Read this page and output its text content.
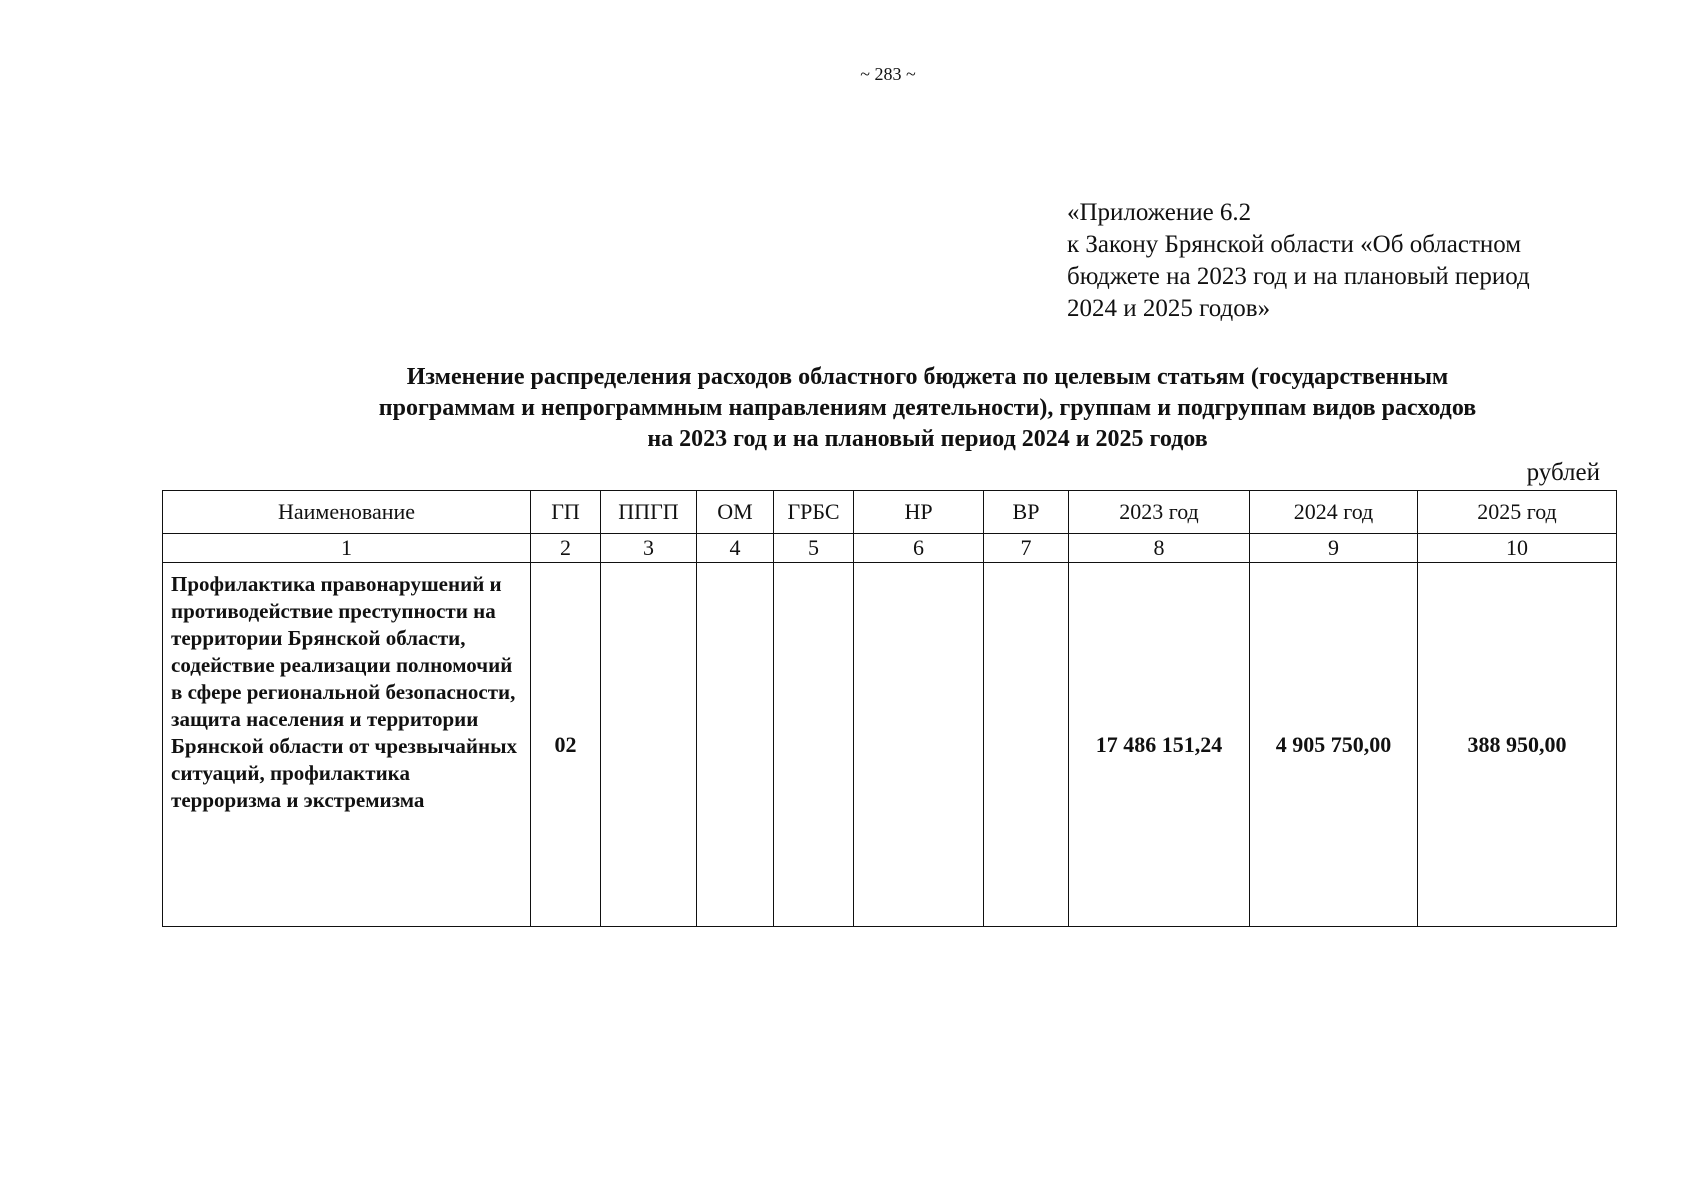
~ 283 ~
«Приложение 6.2
к Закону Брянской области «Об областном
бюджете на 2023 год и на плановый период
2024 и 2025 годов»
Изменение распределения расходов областного бюджета по целевым статьям (государственным
программам и непрограммным направлениям деятельности), группам и подгруппам видов расходов
на 2023 год и на плановый период 2024 и 2025 годов
рублей
Наименование	ГП	ППГП	ОМ	ГРБС	НР	ВР	2023 год	2024 год	2025 год
1	2	3	4	5	6	7	8	9	10
Профилактика правонарушений и противодействие преступности на территории Брянской области, содействие реализации полномочий в сфере региональной безопасности, защита населения и территории Брянской области от чрезвычайных ситуаций, профилактика терроризма и экстремизма	02						17 486 151,24	4 905 750,00	388 950,00
